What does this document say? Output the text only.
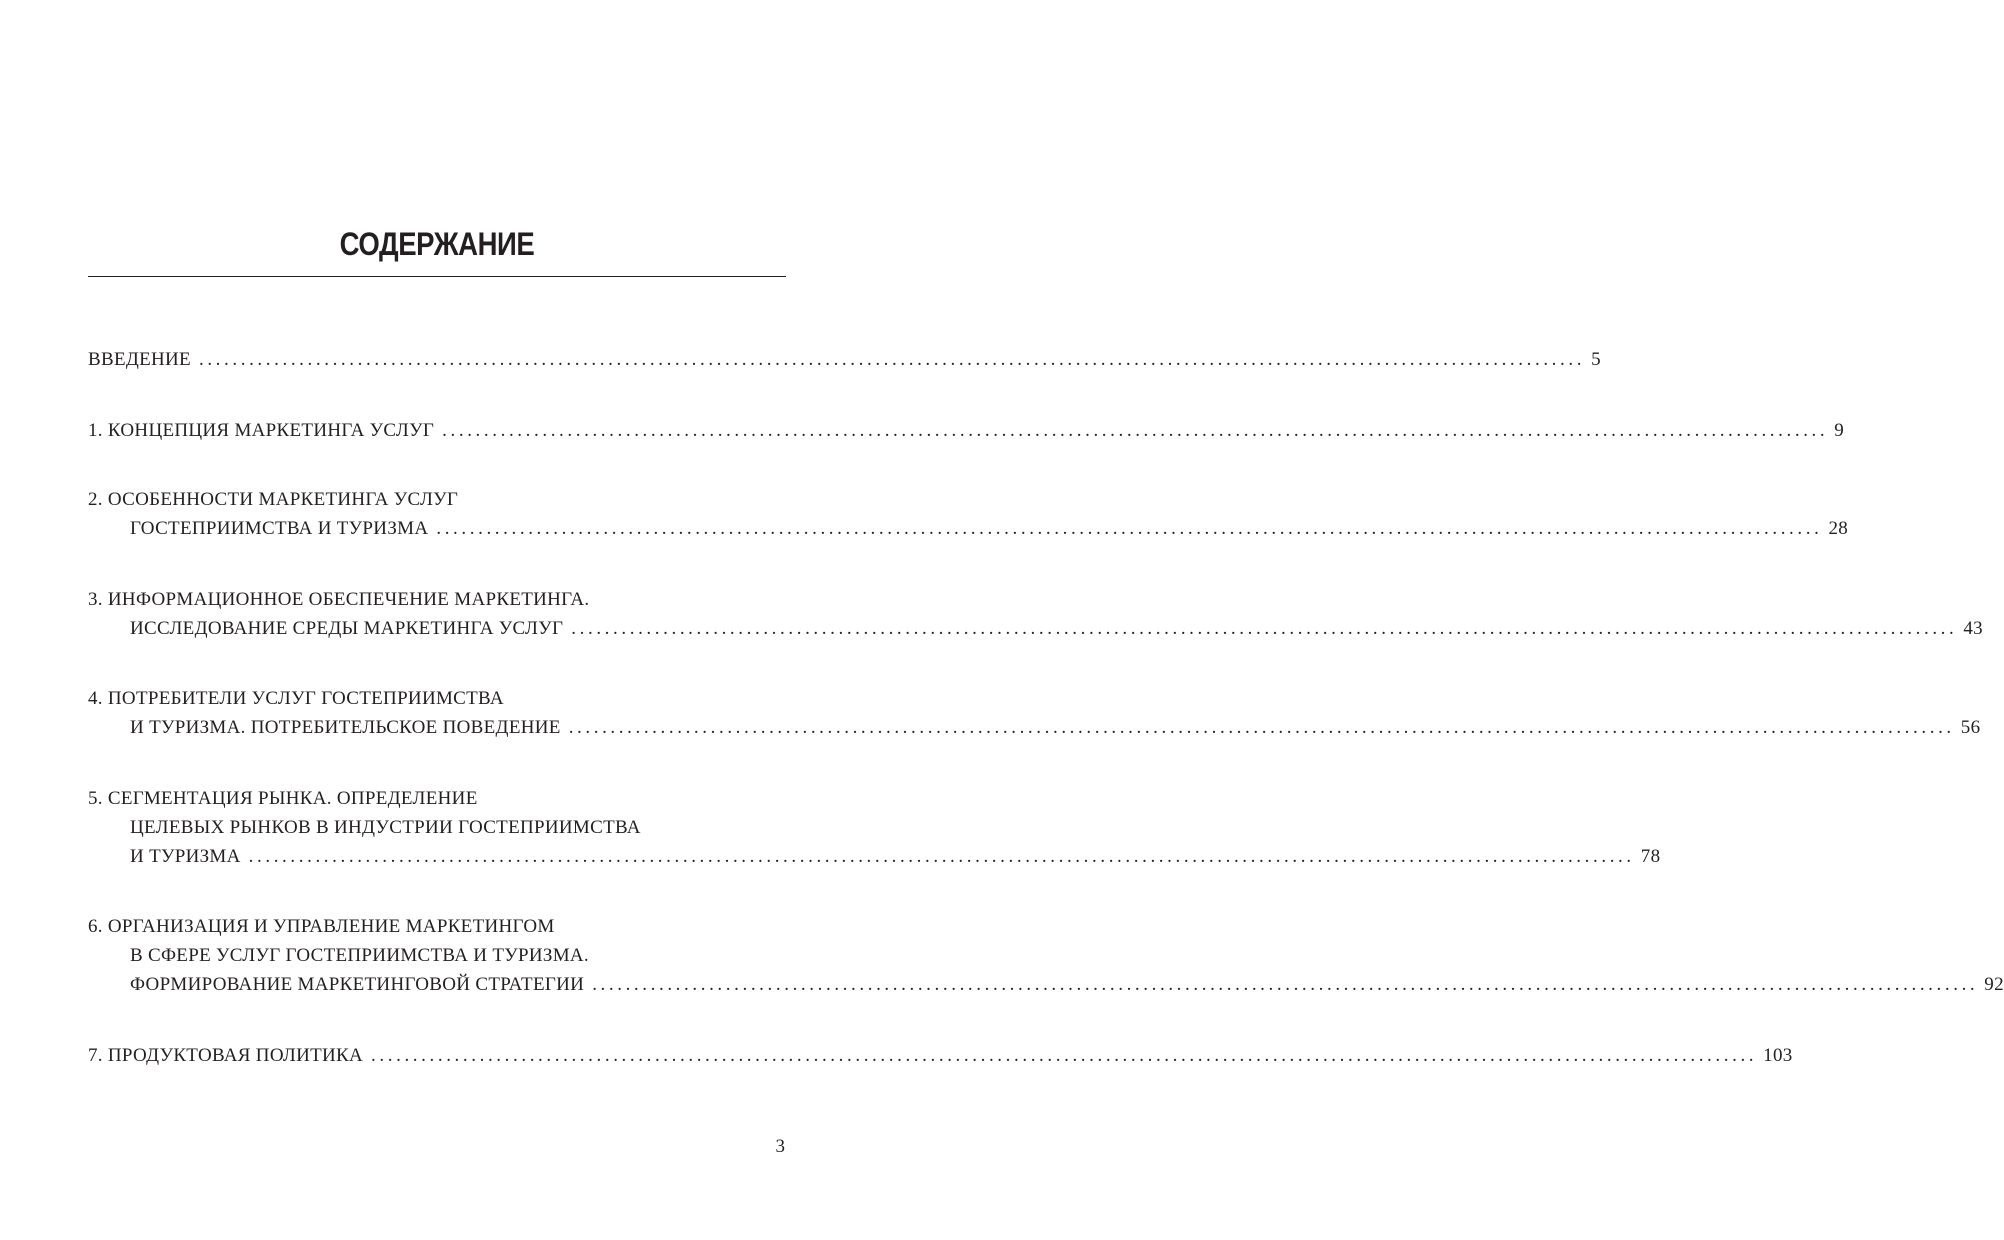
СОДЕРЖАНИЕ
ВВЕДЕНИЕ ...................................................................................................................................................................... 5
1. КОНЦЕПЦИЯ МАРКЕТИНГА УСЛУГ ...................................................................................................................................................................... 9
2. ОСОБЕННОСТИ МАРКЕТИНГА УСЛУГ
ГОСТЕПРИИМСТВА И ТУРИЗМА ...................................................................................................................................................................... 28
3. ИНФОРМАЦИОННОЕ ОБЕСПЕЧЕНИЕ МАРКЕТИНГА.
ИССЛЕДОВАНИЕ СРЕДЫ МАРКЕТИНГА УСЛУГ ...................................................................................................................................................................... 43
4. ПОТРЕБИТЕЛИ УСЛУГ ГОСТЕПРИИМСТВА
И ТУРИЗМА. ПОТРЕБИТЕЛЬСКОЕ ПОВЕДЕНИЕ ...................................................................................................................................................................... 56
5. СЕГМЕНТАЦИЯ РЫНКА. ОПРЕДЕЛЕНИЕ
ЦЕЛЕВЫХ РЫНКОВ В ИНДУСТРИИ ГОСТЕПРИИМСТВА
И ТУРИЗМА ...................................................................................................................................................................... 78
6. ОРГАНИЗАЦИЯ И УПРАВЛЕНИЕ МАРКЕТИНГОМ
В СФЕРЕ УСЛУГ ГОСТЕПРИИМСТВА И ТУРИЗМА.
ФОРМИРОВАНИЕ МАРКЕТИНГОВОЙ СТРАТЕГИИ ...................................................................................................................................................................... 92
7. ПРОДУКТОВАЯ ПОЛИТИКА ...................................................................................................................................................................... 103
3
